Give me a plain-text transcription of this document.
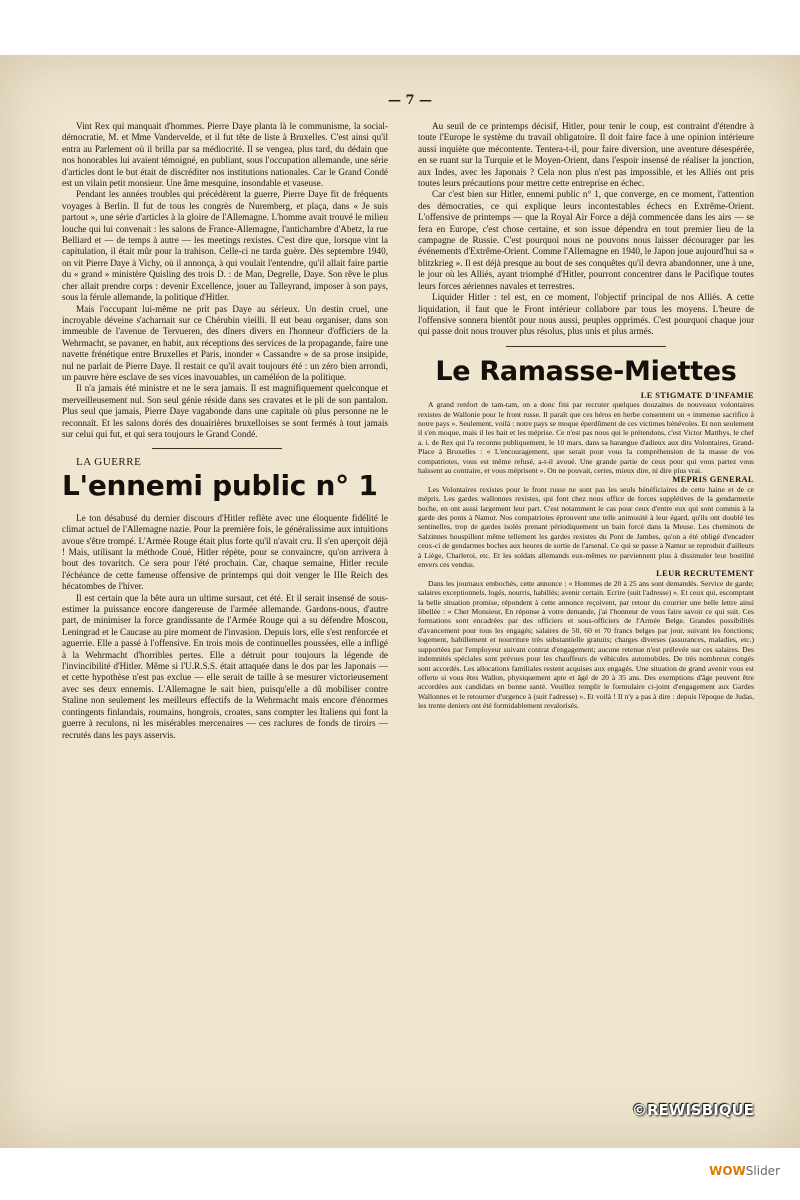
— 7 —

Vint Rex qui manquait d'hommes. Pierre Daye planta là le communisme, la social-démocratie, M. et Mme Vandervelde, et il fut tête de liste à Bruxelles. C'est ainsi qu'il entra au Parlement où il brilla par sa médiocrité. Il se vengea, plus tard, du dédain que nos honorables lui avaient témoigné, en publiant, sous l'occupation allemande, une série d'articles dont le but était de discréditer nos institutions nationales. Car le Grand Condé est un vilain petit monsieur. Une âme mesquine, insondable et vaseuse.

Pendant les années troubles qui précédèrent la guerre, Pierre Daye fit de fréquents voyages à Berlin. Il fut de tous les congrès de Nuremberg, et plaça, dans « Je suis partout », une série d'articles à la gloire de l'Allemagne. L'homme avait trouvé le milieu louche qui lui convenait : les salons de France-Allemagne, l'antichambre d'Abetz, la rue Belliard et — de temps à autre — les meetings rexistes. C'est dire que, lorsque vint la capitulation, il était mûr pour la trahison. Celle-ci ne tarda guère. Dès septembre 1940, on vit Pierre Daye à Vichy, où il annonça, à qui voulait l'entendre, qu'il allait faire partie du « grand » ministère Quisling des trois D. : de Man, Degrelle, Daye. Son rêve le plus cher allait prendre corps : devenir Excellence, jouer au Talleyrand, imposer à son pays, sous la férule allemande, la politique d'Hitler.

Mais l'occupant lui-même ne prit pas Daye au sérieux. Un destin cruel, une incroyable déveine s'acharnait sur ce Chérubin vieilli. Il eut beau organiser, dans son immeuble de l'avenue de Tervueren, des dîners divers en l'honneur d'officiers de la Wehrmacht, se pavaner, en habit, aux réceptions des services de la propagande, faire une navette frénétique entre Bruxelles et Paris, inonder « Cassandre » de sa prose insipide, nul ne parlait de Pierre Daye. Il restait ce qu'il avait toujours été : un zéro bien arrondi, un pauvre hère esclave de ses vices inavouables, un caméléon de la politique.

Il n'a jamais été ministre et ne le sera jamais. Il est magnifiquement quelconque et merveilleusement nul. Son seul génie réside dans ses cravates et le pli de son pantalon. Plus seul que jamais, Pierre Daye vagabonde dans une capitale où plus personne ne le reconnaît. Et les salons dorés des douairières bruxelloises se sont fermés à tout jamais sur celui qui fut, et qui sera toujours le Grand Condé.

LA GUERRE

L'ennemi public n° 1

Le ton désabusé du dernier discours d'Hitler reflète avec une éloquente fidélité le climat actuel de l'Allemagne nazie. Pour la première fois, le généralissime aux intuitions avoue s'être trompé. L'Armée Rouge était plus forte qu'il n'avait cru. Il s'en aperçoit déjà ! Mais, utilisant la méthode Coué, Hitler répète, pour se convaincre, qu'on arrivera à bout des tovaritch. Ce sera pour l'été prochain. Car, chaque semaine, Hitler recule l'échéance de cette fameuse offensive de printemps qui doit venger le IIIe Reich des hécatombes de l'hiver.

Il est certain que la bête aura un ultime sursaut, cet été. Et il serait insensé de sous-estimer la puissance encore dangereuse de l'armée allemande. Gardons-nous, d'autre part, de minimiser la force grandissante de l'Armée Rouge qui a su défendre Moscou, Leningrad et le Caucase au pire moment de l'invasion. Depuis lors, elle s'est renforcée et aguerrie. Elle a passé à l'offensive. En trois mois de continuelles poussées, elle a infligé à la Wehrmacht d'horribles pertes. Elle a détruit pour toujours la légende de l'invincibilité d'Hitler. Même si l'U.R.S.S. était attaquée dans le dos par les Japonais — et cette hypothèse n'est pas exclue — elle serait de taille à se mesurer victorieusement avec ses deux ennemis. L'Allemagne le sait bien, puisqu'elle a dû mobiliser contre Staline non seulement les meilleurs effectifs de la Wehrmacht mais encore d'énormes contingents finlandais, roumains, hongrois, croates, sans compter les Italiens qui font la guerre à reculons, ni les misérables mercenaires — ces raclures de fonds de tiroirs — recrutés dans les pays asservis.

Au seuil de ce printemps décisif, Hitler, pour tenir le coup, est contraint d'étendre à toute l'Europe le système du travail obligatoire. Il doit faire face à une opinion intérieure aussi inquiète que mécontente. Tentera-t-il, pour faire diversion, une aventure désespérée, en se ruant sur la Turquie et le Moyen-Orient, dans l'espoir insensé de réaliser la jonction, aux Indes, avec les Japonais ? Cela non plus n'est pas impossible, et les Alliés ont pris toutes leurs précautions pour mettre cette entreprise en échec.

Car c'est bien sur Hitler, ennemi public n° 1, que converge, en ce moment, l'attention des démocraties, ce qui explique leurs incontestables échecs en Extrême-Orient. L'offensive de printemps — que la Royal Air Force a déjà commencée dans les airs — se fera en Europe, c'est chose certaine, et son issue dépendra en tout premier lieu de la campagne de Russie. C'est pourquoi nous ne pouvons nous laisser décourager par les événements d'Extrême-Orient. Comme l'Allemagne en 1940, le Japon joue aujourd'hui sa « blitzkrieg ». Il est déjà presque au bout de ses conquêtes qu'il devra abandonner, une à une, le jour où les Alliés, ayant triomphé d'Hitler, pourront concentrer dans le Pacifique toutes leurs forces aériennes navales et terrestres.

Liquider Hitler : tel est, en ce moment, l'objectif principal de nos Alliés. A cette liquidation, il faut que le Front intérieur collabore par tous les moyens. L'heure de l'offensive sonnera bientôt pour nous aussi, peuples opprimés. C'est pourquoi chaque jour qui passe doit nous trouver plus résolus, plus unis et plus armés.

Le Ramasse-Miettes

LE STIGMATE D'INFAMIE

A grand renfort de tam-tam, on a donc fini par recruter quelques douzaines de nouveaux volontaires rexistes de Wallonie pour le front russe. Il paraît que ces héros en herbe consentent un « immense sacrifice à notre pays ». Seulement, voilà : notre pays se moque éperdûment de ces victimes bénévoles. Et non seulement il s'en moque, mais il les hait et les méprise. Ce n'est pas nous qui le prétendons, c'est Victor Matthys, le chef a. i. de Rex qui l'a reconnu publiquement, le 10 mars, dans sa harangue d'adieux aux dits Volontaires, Grand-Place à Bruxelles : « L'encouragement, que serait pour vous la compréhension de la masse de vos compatriotes, vous est même refusé, a-t-il avoué. Une grande partie de ceux pour qui vous partez vous haïssent au contraire, et vous méprisent ». On ne pouvait, certes, mieux dire, ni dire plus vrai.

MEPRIS GENERAL

Les Volontaires rexistes pour le front russe ne sont pas les seuls bénéficiaires de cette haine et de ce mépris. Les gardes wallonnes rexistes, qui font chez nous office de forces supplétives de la gendarmerie boche, en ont aussi largement leur part. C'est notamment le cas pour ceux d'entre eux qui sont commis à la garde des ponts à Namur. Nos compatriotes éprouvent une telle animosité à leur égard, qu'ils ont doublé les sentinelles, trop de gardes isolés prenant périodiquement un bain forcé dans la Meuse. Les cheminots de Salzinnes houspillent même tellement les gardes rexistes du Pont de Jambes, qu'on a été obligé d'encadrer ceux-ci de gendarmes boches aux heures de sortie de l'arsenal. Ce qui se passe à Namur se reproduit d'ailleurs à Liège, Charleroi, etc. Et les soldats allemands eux-mêmes ne parviennent plus à dissimuler leur hostilité envers ces vendus.

LEUR RECRUTEMENT

Dans les journaux embochés, cette annonce : « Hommes de 20 à 25 ans sont demandés. Service de garde; salaires exceptionnels, logés, nourris, habillés; avenir certain. Ecrire (suit l'adresse) ». Et ceux qui, escomptant la belle situation promise, répondent à cette annonce reçoivent, par retour du courrier une belle lettre ainsi libellée : « Cher Monsieur, En réponse à votre demande, j'ai l'honneur de vous faire savoir ce qui suit. Ces formations sont encadrées par des officiers et sous-officiers de l'Armée Belge. Grandes possibilités d'avancement pour tous les engagés; salaires de 50, 60 et 70 francs belges par jour, suivant les fonctions; logement, habillement et nourriture très substantielle gratuits; charges diverses (assurances, maladies, etc.) supportées par l'employeur suivant contrat d'engagement; aucune retenue n'est prélevée sur ces salaires. Des indemnités spéciales sont prévues pour les chauffeurs de véhicules automobiles. De très nombreux congés sont accordés. Les allocations familiales restent acquises aux engagés. Une situation de grand avenir vous est offerte si vous êtes Wallon, physiquement apte et âgé de 20 à 35 ans. Des exemptions d'âge peuvent être accordées aux candidats en bonne santé. Veuillez remplir le formulaire ci-joint d'engagement aux Gardes Wallonnes et le retourner d'urgence à (suit l'adresse) ». Et voilà ! Il n'y a pas à dire : depuis l'époque de Judas, les trente deniers ont été formidablement revalorisés.

©REWISBIQUE
WOWSlider
